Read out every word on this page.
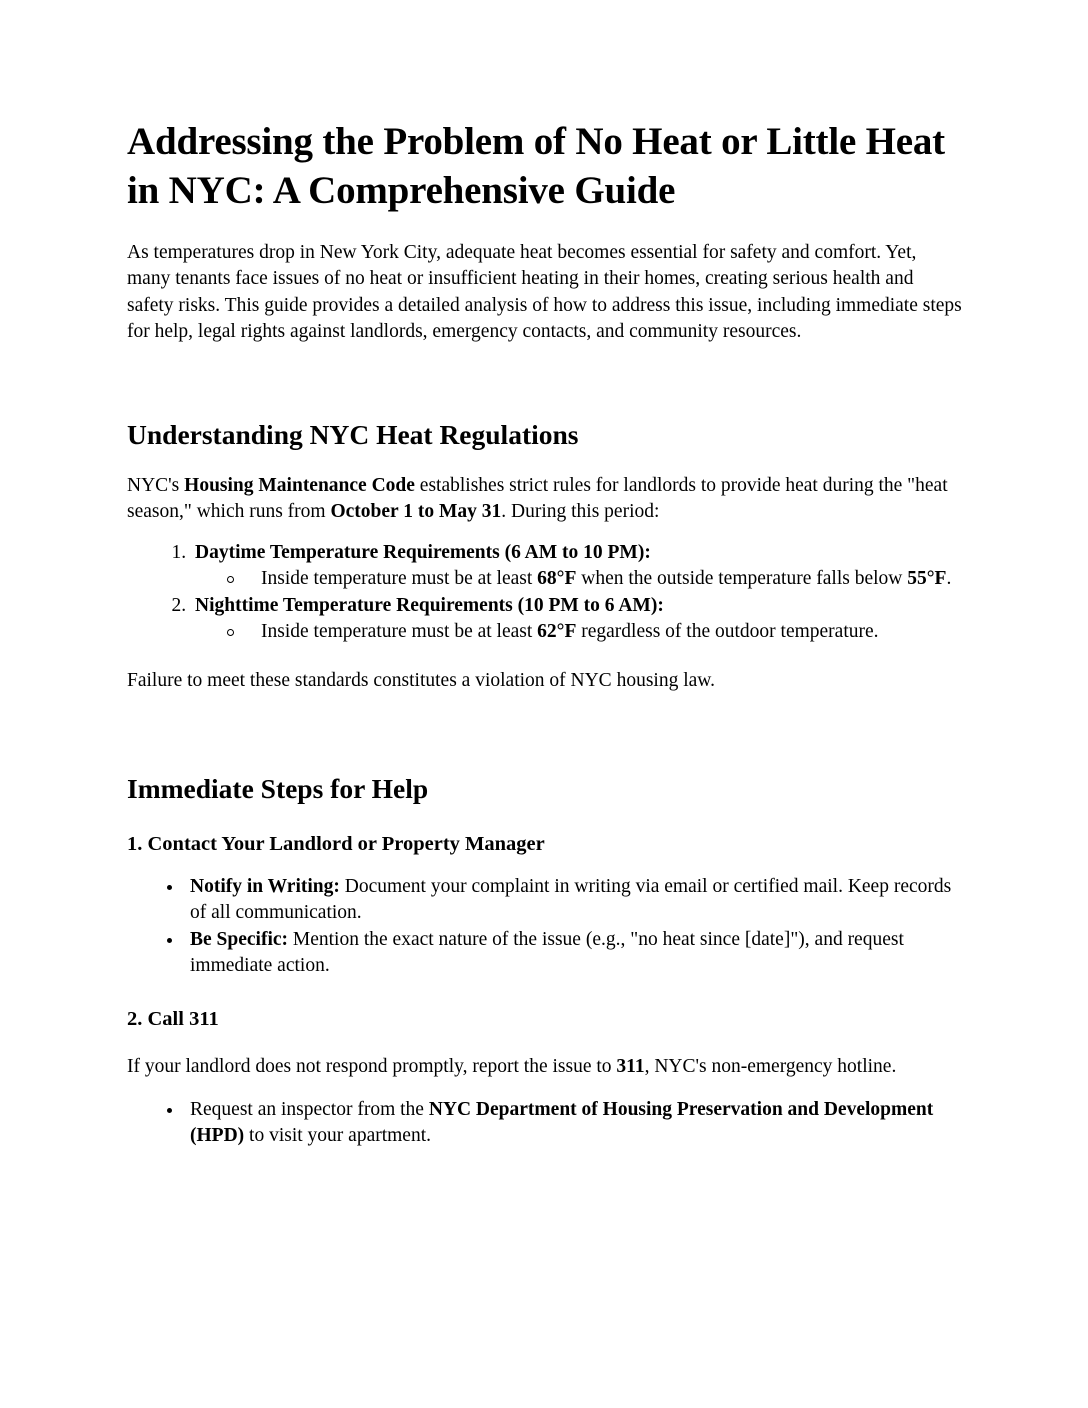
Addressing the Problem of No Heat or Little Heat in NYC: A Comprehensive Guide

As temperatures drop in New York City, adequate heat becomes essential for safety and comfort. Yet, many tenants face issues of no heat or insufficient heating in their homes, creating serious health and safety risks. This guide provides a detailed analysis of how to address this issue, including immediate steps for help, legal rights against landlords, emergency contacts, and community resources.

Understanding NYC Heat Regulations

NYC's Housing Maintenance Code establishes strict rules for landlords to provide heat during the "heat season," which runs from October 1 to May 31. During this period:

1. Daytime Temperature Requirements (6 AM to 10 PM):
Inside temperature must be at least 68°F when the outside temperature falls below 55°F.
2. Nighttime Temperature Requirements (10 PM to 6 AM):
Inside temperature must be at least 62°F regardless of the outdoor temperature.

Failure to meet these standards constitutes a violation of NYC housing law.

Immediate Steps for Help
1. Contact Your Landlord or Property Manager
Notify in Writing: Document your complaint in writing via email or certified mail. Keep records of all communication.
Be Specific: Mention the exact nature of the issue (e.g., "no heat since [date]"), and request immediate action.
2. Call 311

If your landlord does not respond promptly, report the issue to 311, NYC's non-emergency hotline.

Request an inspector from the NYC Department of Housing Preservation and Development (HPD) to visit your apartment.
